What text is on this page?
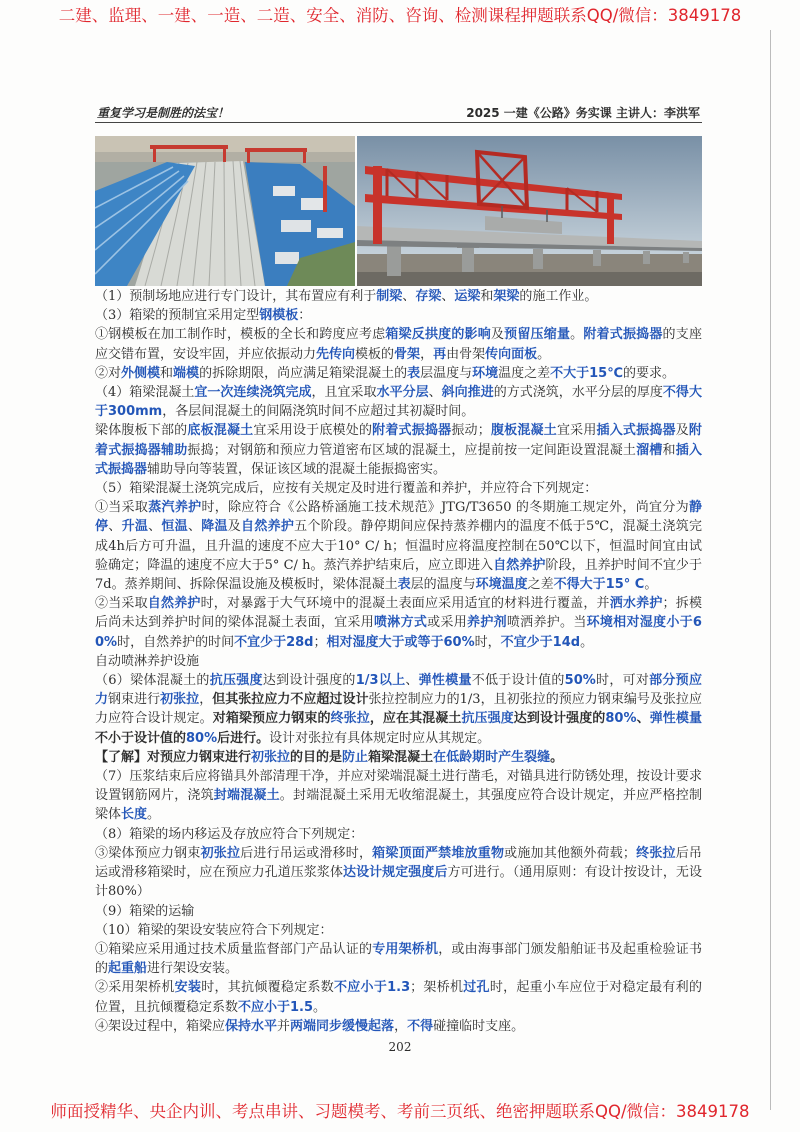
二建、监理、一建、一造、二造、安全、消防、咨询、检测课程押题联系QQ/微信：3849178
重复学习是制胜的法宝！	2025 一建《公路》务实课 主讲人：李洪军

（1）预制场地应进行专门设计，其布置应有利于制梁、存梁、运梁和架梁的施工作业。

（3）箱梁的预制宜采用定型钢模板：

①钢模板在加工制作时，模板的全长和跨度应考虑箱梁反拱度的影响及预留压缩量。附着式振捣器的支座应交错布置，安设牢固，并应依振动力先传向模板的骨架，再由骨架传向面板。

②对外侧模和端模的拆除期限，尚应满足箱梁混凝土的表层温度与环境温度之差不大于15℃的要求。

（4）箱梁混凝土宜一次连续浇筑完成，且宜采取水平分层、斜向推进的方式浇筑，水平分层的厚度不得大于300mm，各层间混凝土的间隔浇筑时间不应超过其初凝时间。

梁体腹板下部的底板混凝土宜采用设于底模处的附着式振捣器振动；腹板混凝土宜采用插入式振捣器及附着式振捣器辅助振捣；对钢筋和预应力管道密布区域的混凝土，应提前按一定间距设置混凝土溜槽和插入式振捣器辅助导向等装置，保证该区域的混凝土能振捣密实。

（5）箱梁混凝土浇筑完成后，应按有关规定及时进行覆盖和养护，并应符合下列规定：

①当采取蒸汽养护时，除应符合《公路桥涵施工技术规范》JTG/T3650 的冬期施工规定外，尚宜分为静停、升温、恒温、降温及自然养护五个阶段。静停期间应保持蒸养棚内的温度不低于5℃，混凝土浇筑完成4h后方可升温，且升温的速度不应大于10° C/ h；恒温时应将温度控制在50℃以下，恒温时间宜由试验确定；降温的速度不应大于5° C/ h。蒸汽养护结束后，应立即进入自然养护阶段，且养护时间不宜少于7d。蒸养期间、拆除保温设施及模板时，梁体混凝土表层的温度与环境温度之差不得大于15° C。

②当采取自然养护时，对暴露于大气环境中的混凝土表面应采用适宜的材料进行覆盖，并洒水养护；拆模后尚未达到养护时间的梁体混凝土表面，宜采用喷淋方式或采用养护剂喷洒养护。当环境相对湿度小于60%时，自然养护的时间不宜少于28d；相对湿度大于或等于60%时，不宜少于14d。

自动喷淋养护设施

（6）梁体混凝土的抗压强度达到设计强度的1/3以上、弹性模量不低于设计值的50%时，可对部分预应力钢束进行初张拉，但其张拉应力不应超过设计张拉控制应力的1/3，且初张拉的预应力钢束编号及张拉应力应符合设计规定。对箱梁预应力钢束的终张拉，应在其混凝土抗压强度达到设计强度的80%、弹性模量不小于设计值的80%后进行。设计对张拉有具体规定时应从其规定。

【了解】对预应力钢束进行初张拉的目的是防止箱梁混凝土在低龄期时产生裂缝。

（7）压浆结束后应将锚具外部清理干净，并应对梁端混凝土进行凿毛，对锚具进行防锈处理，按设计要求设置钢筋网片，浇筑封端混凝土。封端混凝土采用无收缩混凝土，其强度应符合设计规定，并应严格控制梁体长度。

（8）箱梁的场内移运及存放应符合下列规定：

③梁体预应力钢束初张拉后进行吊运或滑移时，箱梁顶面严禁堆放重物或施加其他额外荷载；终张拉后吊运或滑移箱梁时，应在预应力孔道压浆浆体达设计规定强度后方可进行。（通用原则：有设计按设计，无设计80%）

（9）箱梁的运输

（10）箱梁的架设安装应符合下列规定：

①箱梁应采用通过技术质量监督部门产品认证的专用架桥机，或由海事部门颁发船舶证书及起重检验证书的起重船进行架设安装。

②采用架桥机安装时，其抗倾覆稳定系数不应小于1.3；架桥机过孔时，起重小车应位于对稳定最有利的位置，且抗倾覆稳定系数不应小于1.5。

④架设过程中，箱梁应保持水平并两端同步缓慢起落，不得碰撞临时支座。

202
师面授精华、央企内训、考点串讲、习题模考、考前三页纸、绝密押题联系QQ/微信：3849178
